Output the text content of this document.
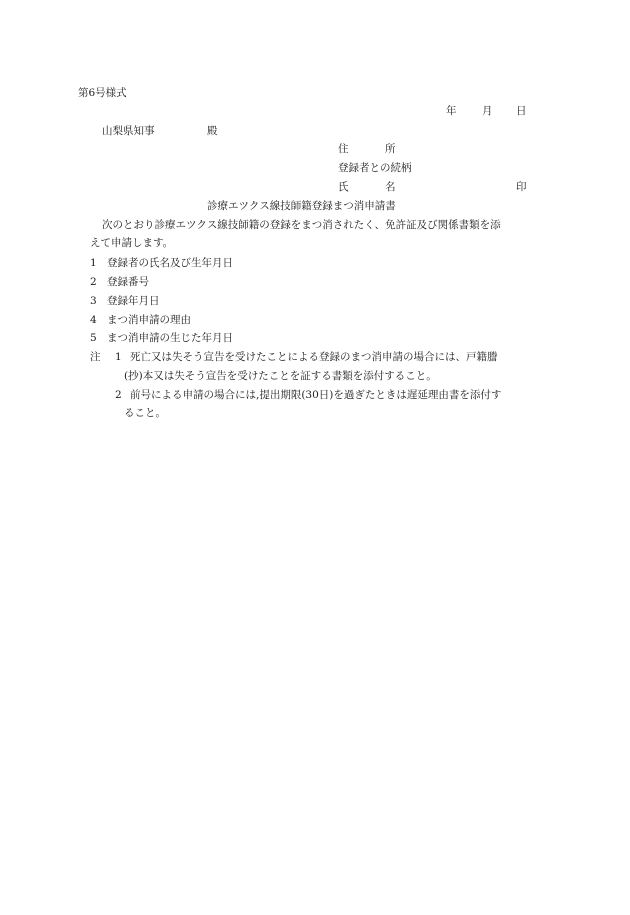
第6号様式
年 月 日
山梨県知事	殿
住	所
登録者との続柄
氏	名	印
診療エツクス線技師籍登録まつ消申請書
次のとおり診療エツクス線技師籍の登録をまつ消されたく、免許証及び関係書類を添
えて申請します。
1 登録者の氏名及び生年月日
2 登録番号
3 登録年月日
4 まつ消申請の理由
5 まつ消申請の生じた年月日
注 1 死亡又は失そう宣告を受けたことによる登録のまつ消申請の場合には、戸籍謄
(抄)本又は失そう宣告を受けたことを証する書類を添付すること。
2 前号による申請の場合には,提出期限(30日)を過ぎたときは遅延理由書を添付す
ること。
